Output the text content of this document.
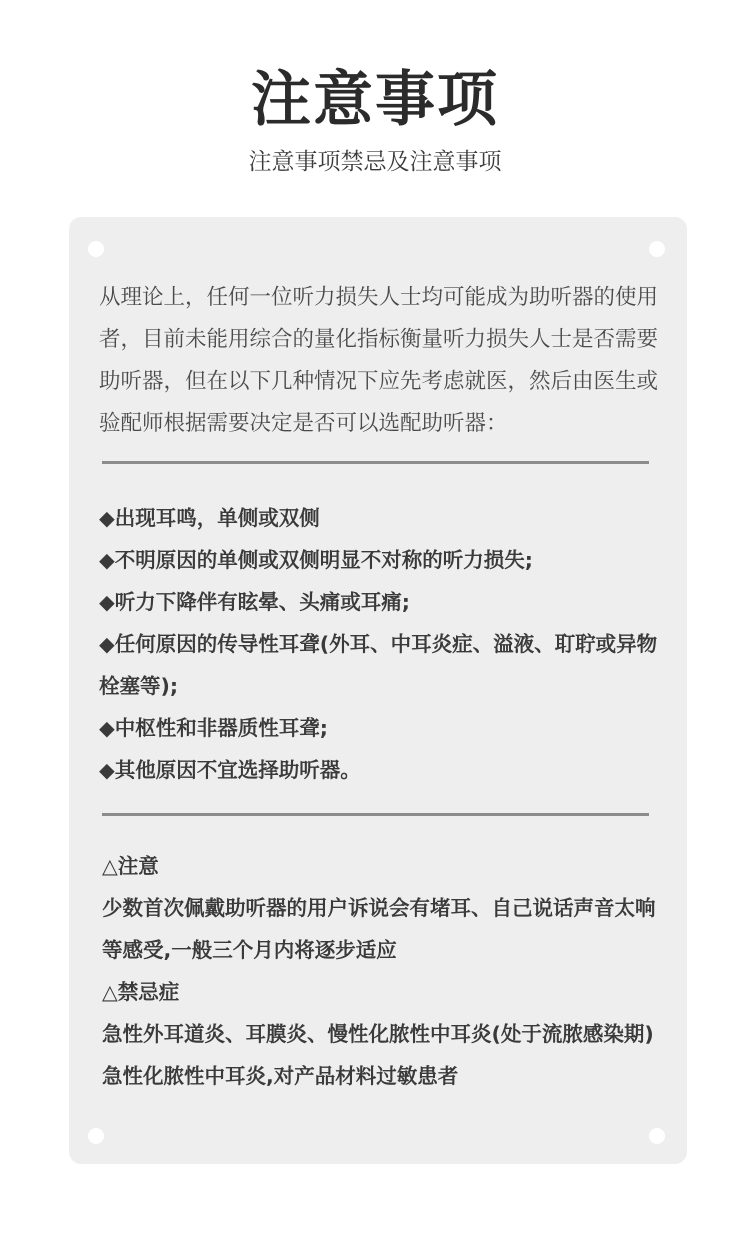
注意事项
注意事项禁忌及注意事项
从理论上，任何一位听力损失人士均可能成为助听器的使用者，目前未能用综合的量化指标衡量听力损失人士是否需要助听器，但在以下几种情况下应先考虑就医，然后由医生或验配师根据需要决定是否可以选配助听器：
◆出现耳鸣，单侧或双侧
◆不明原因的单侧或双侧明显不对称的听力损失;
◆听力下降伴有眩晕、头痛或耳痛;
◆任何原因的传导性耳聋(外耳、中耳炎症、溢液、耵聍或异物栓塞等);
◆中枢性和非器质性耳聋;
◆其他原因不宜选择助听器。
△注意
少数首次佩戴助听器的用户诉说会有堵耳、自己说话声音太响等感受,一般三个月内将逐步适应
△禁忌症
急性外耳道炎、耳膜炎、慢性化脓性中耳炎(处于流脓感染期)急性化脓性中耳炎,对产品材料过敏患者
